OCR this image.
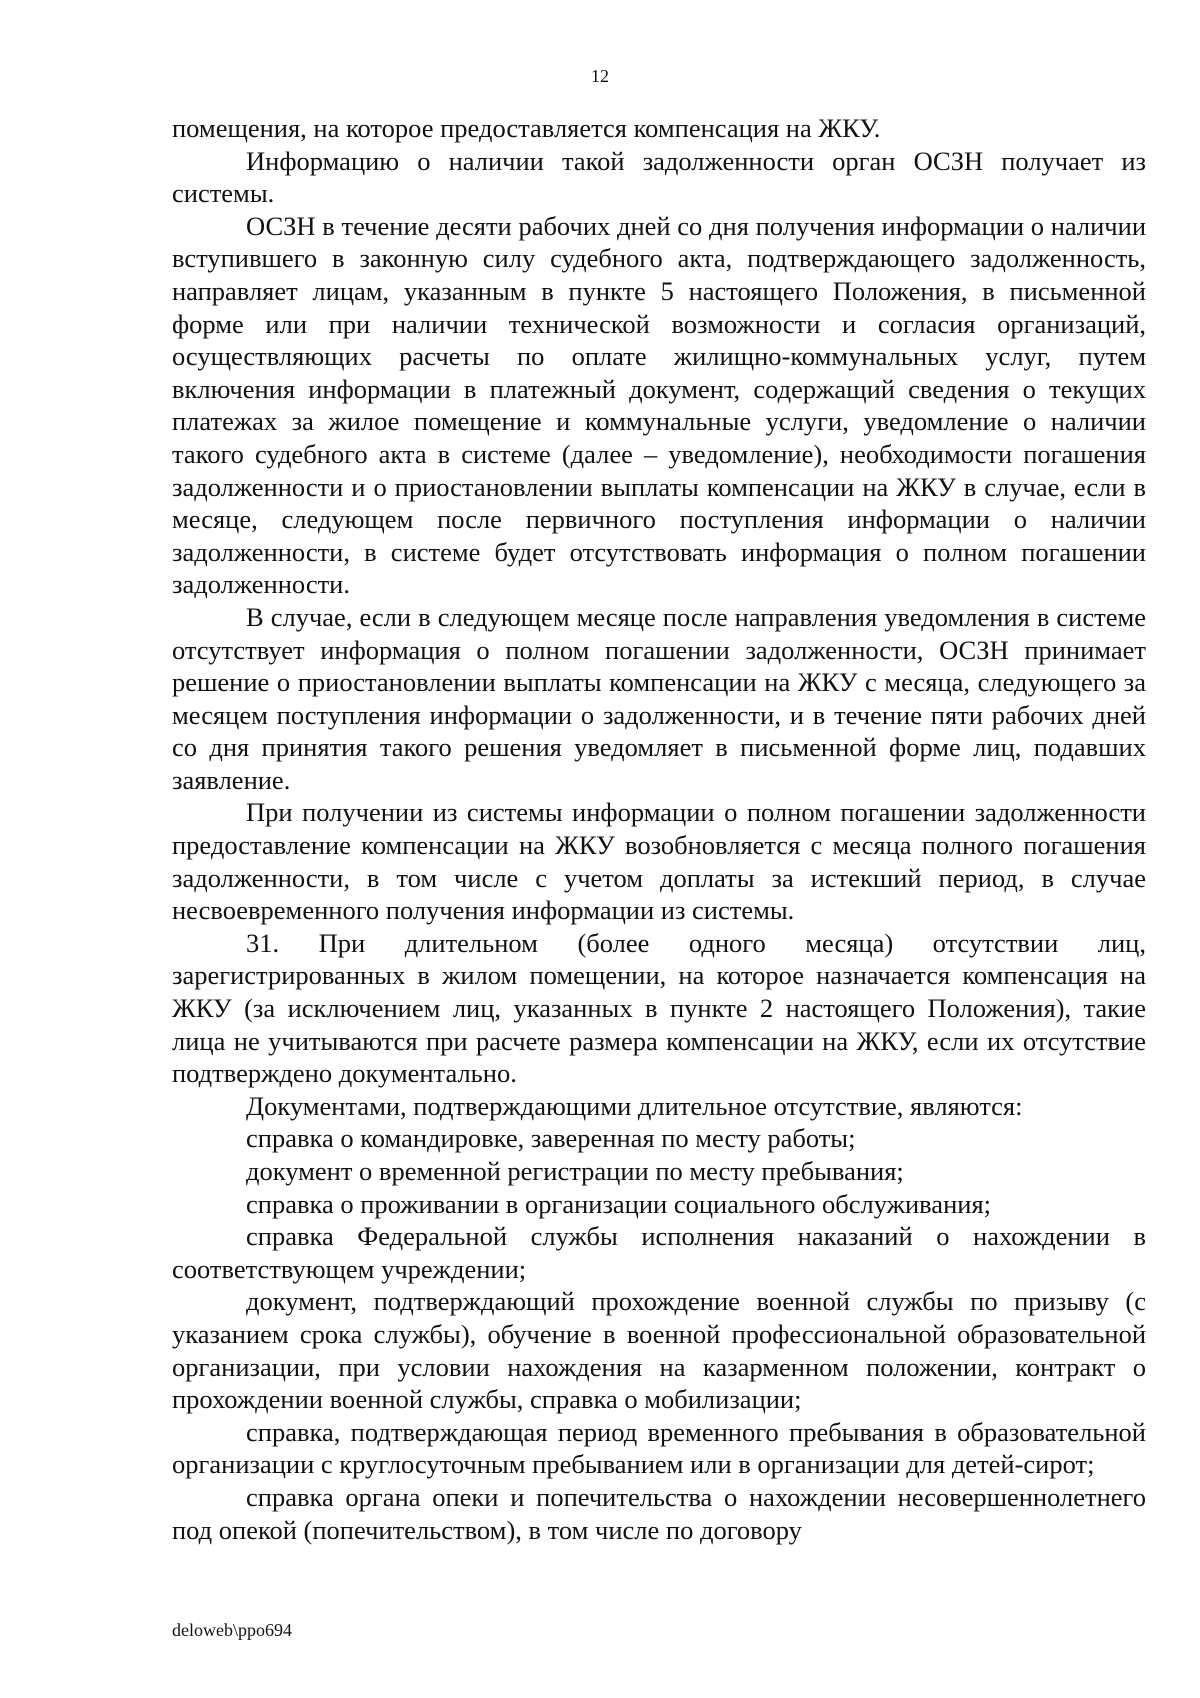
12

помещения, на которое предоставляется компенсация на ЖКУ.

Информацию о наличии такой задолженности орган ОСЗН получает из системы.

ОСЗН в течение десяти рабочих дней со дня получения информации о наличии вступившего в законную силу судебного акта, подтверждающего задолженность, направляет лицам, указанным в пункте 5 настоящего Положения, в письменной форме или при наличии технической возможности и согласия организаций, осуществляющих расчеты по оплате жилищно-коммунальных услуг, путем включения информации в платежный документ, содержащий сведения о текущих платежах за жилое помещение и коммунальные услуги, уведомление о наличии такого судебного акта в системе (далее – уведомление), необходимости погашения задолженности и о приостановлении выплаты компенсации на ЖКУ в случае, если в месяце, следующем после первичного поступления информации о наличии задолженности, в системе будет отсутствовать информация о полном погашении задолженности.

В случае, если в следующем месяце после направления уведомления в системе отсутствует информация о полном погашении задолженности, ОСЗН принимает решение о приостановлении выплаты компенсации на ЖКУ с месяца, следующего за месяцем поступления информации о задолженности, и в течение пяти рабочих дней со дня принятия такого решения уведомляет в письменной форме лиц, подавших заявление.

При получении из системы информации о полном погашении задолженности предоставление компенсации на ЖКУ возобновляется с месяца полного погашения задолженности, в том числе с учетом доплаты за истекший период, в случае несвоевременного получения информации из системы.

31. При длительном (более одного месяца) отсутствии лиц, зарегистрированных в жилом помещении, на которое назначается компенсация на ЖКУ (за исключением лиц, указанных в пункте 2 настоящего Положения), такие лица не учитываются при расчете размера компенсации на ЖКУ, если их отсутствие подтверждено документально.

Документами, подтверждающими длительное отсутствие, являются:

справка о командировке, заверенная по месту работы;

документ о временной регистрации по месту пребывания;

справка о проживании в организации социального обслуживания;

справка Федеральной службы исполнения наказаний о нахождении в соответствующем учреждении;

документ, подтверждающий прохождение военной службы по призыву (с указанием срока службы), обучение в военной профессиональной образовательной организации, при условии нахождения на казарменном положении, контракт о прохождении военной службы, справка о мобилизации;

справка, подтверждающая период временного пребывания в образовательной организации с круглосуточным пребыванием или в организации для детей-сирот;

справка органа опеки и попечительства о нахождении несовершеннолетнего под опекой (попечительством), в том числе по договору

deloweb\ppo694
